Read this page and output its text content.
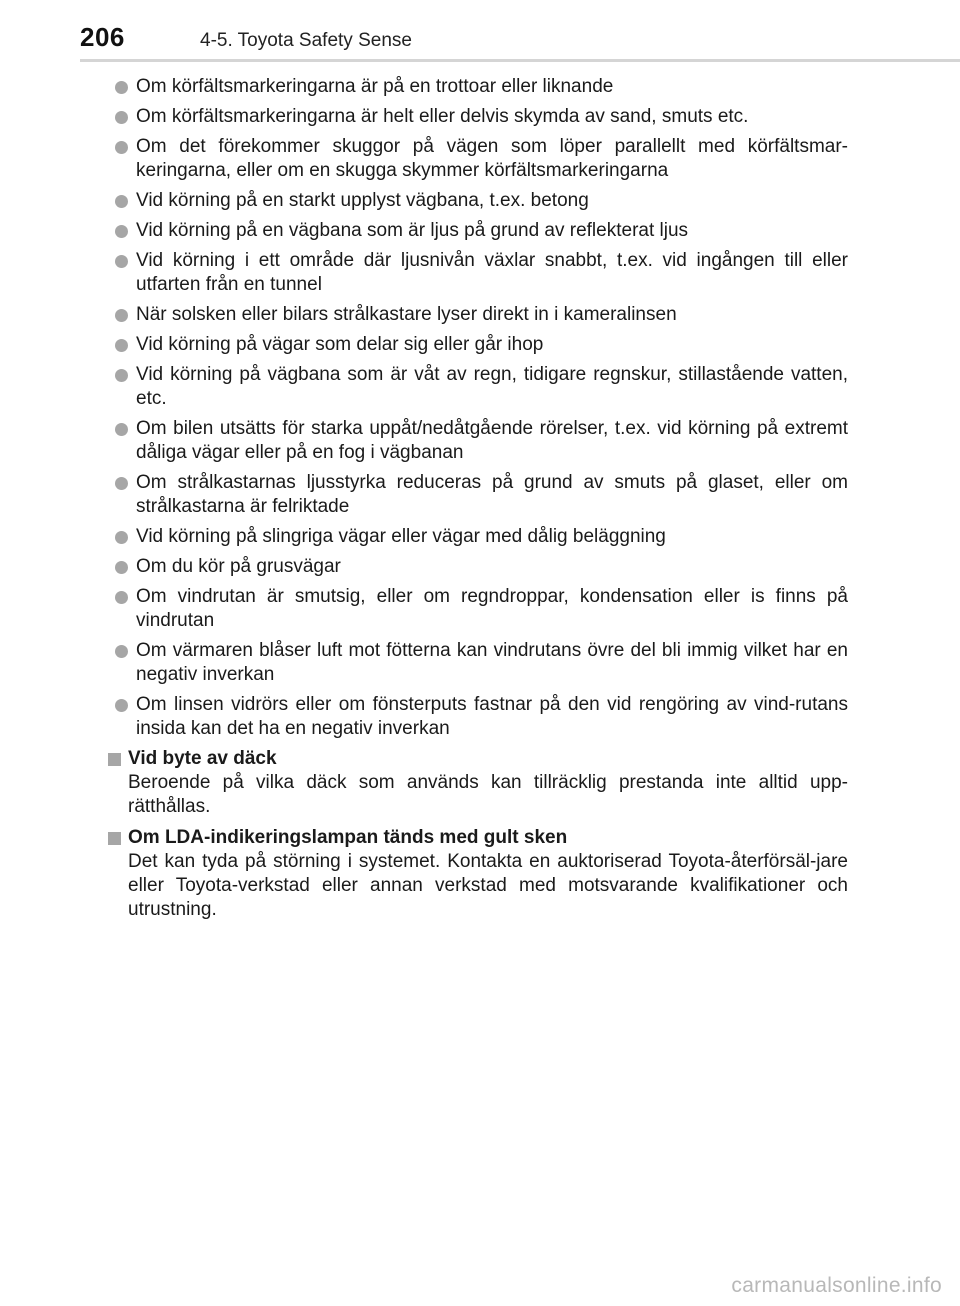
206	4-5. Toyota Safety Sense
Om körfältsmarkeringarna är på en trottoar eller liknande
Om körfältsmarkeringarna är helt eller delvis skymda av sand, smuts etc.
Om det förekommer skuggor på vägen som löper parallellt med körfältsmar-keringarna, eller om en skugga skymmer körfältsmarkeringarna
Vid körning på en starkt upplyst vägbana, t.ex. betong
Vid körning på en vägbana som är ljus på grund av reflekterat ljus
Vid körning i ett område där ljusnivån växlar snabbt, t.ex. vid ingången till eller utfarten från en tunnel
När solsken eller bilars strålkastare lyser direkt in i kameralinsen
Vid körning på vägar som delar sig eller går ihop
Vid körning på vägbana som är våt av regn, tidigare regnskur, stillastående vatten, etc.
Om bilen utsätts för starka uppåt/nedåtgående rörelser, t.ex. vid körning på extremt dåliga vägar eller på en fog i vägbanan
Om strålkastarnas ljusstyrka reduceras på grund av smuts på glaset, eller om strålkastarna är felriktade
Vid körning på slingriga vägar eller vägar med dålig beläggning
Om du kör på grusvägar
Om vindrutan är smutsig, eller om regndroppar, kondensation eller is finns på vindrutan
Om värmaren blåser luft mot fötterna kan vindrutans övre del bli immig vilket har en negativ inverkan
Om linsen vidrörs eller om fönsterputs fastnar på den vid rengöring av vind-rutans insida kan det ha en negativ inverkan
Vid byte av däck
Beroende på vilka däck som används kan tillräcklig prestanda inte alltid upp-rätthållas.
Om LDA-indikeringslampan tänds med gult sken
Det kan tyda på störning i systemet. Kontakta en auktoriserad Toyota-återförsäl-jare eller Toyota-verkstad eller annan verkstad med motsvarande kvalifikationer och utrustning.
carmanualsonline.info
